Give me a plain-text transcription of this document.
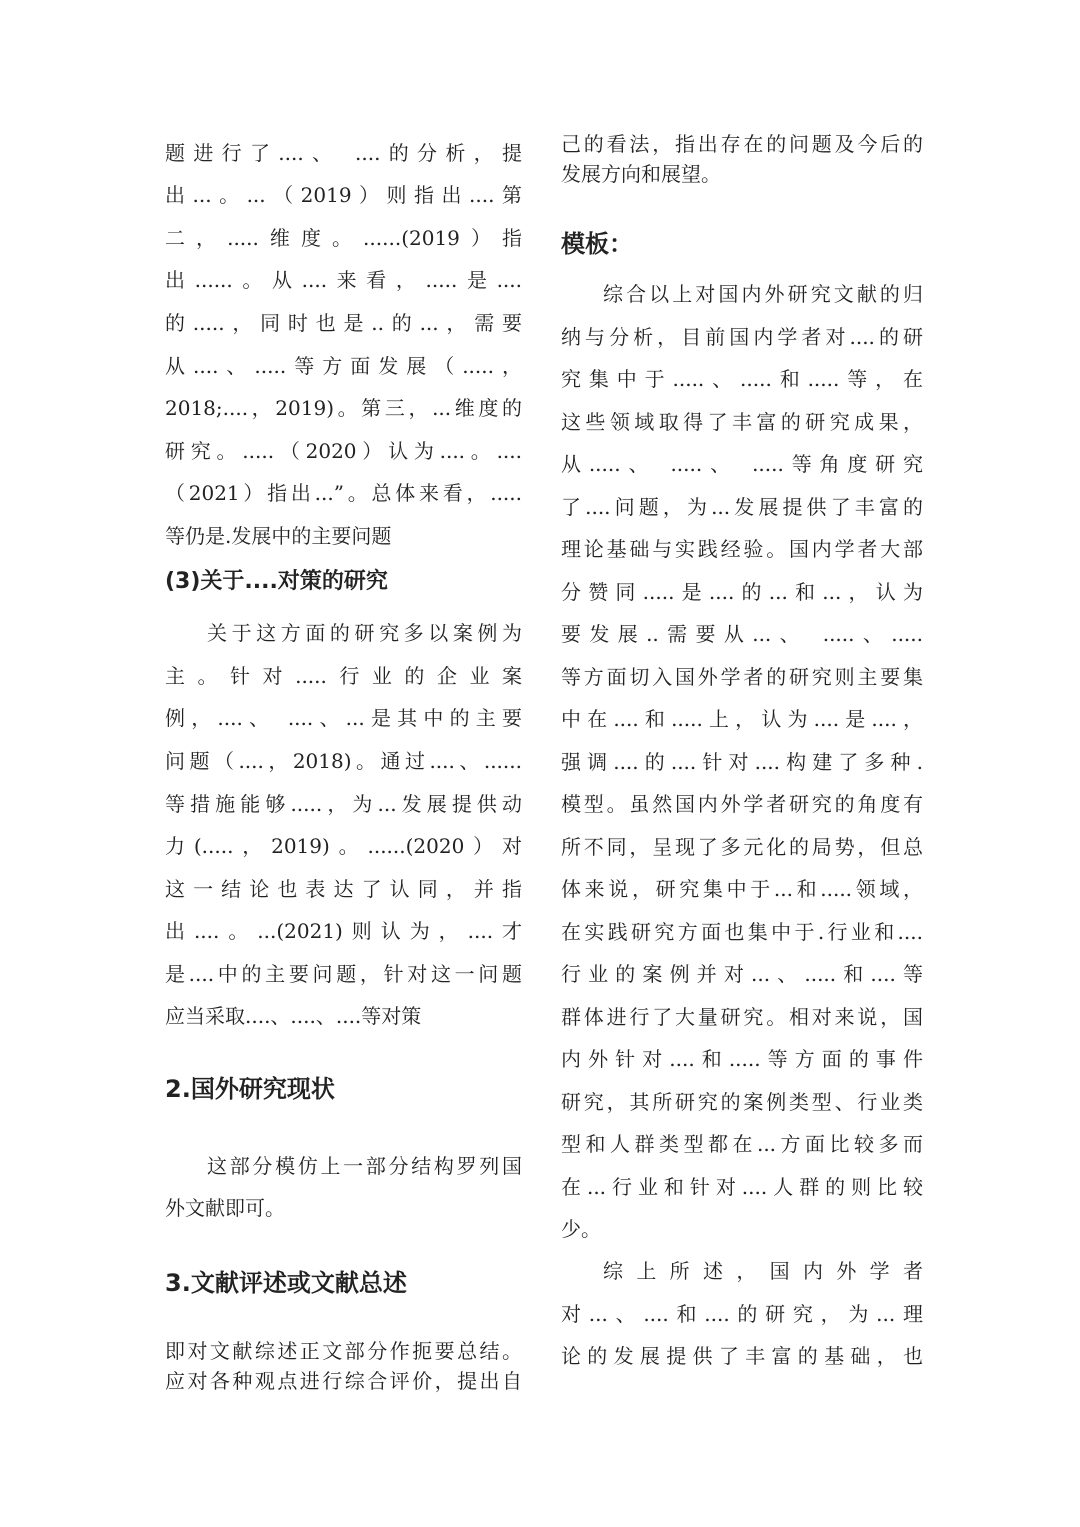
题进行了....、 ....的分析，提
出...。...（2019）则指出....第
二，.....维度。......(2019）指
出......。从....来看，.....是....
的.....，同时也是..的...，需要
从....、.....等方面发展（.....，
2018;....，2019)。第三，...维度的
研究。.....（2020）认为....。....
（2021）指出...”。总体来看，.....
等仍是.发展中的主要问题
(3)关于....对策的研究
关于这方面的研究多以案例为
主。针对.....行业的企业案
例，....、 ....、...是其中的主要
问题（....，2018)。通过....、......
等措施能够.....，为...发展提供动
力(.....，2019)。......(2020）对
这一结论也表达了认同，并指
出....。...(2021)则认为，....才
是....中的主要问题，针对这一问题
应当采取....、....、....等对策
2.国外研究现状
这部分模仿上一部分结构罗列国
外文献即可。
3.文献评述或文献总述
即对文献综述正文部分作扼要总结。
应对各种观点进行综合评价，提出自
己的看法，指出存在的问题及今后的
发展方向和展望。
模板：
综合以上对国内外研究文献的归
纳与分析，目前国内学者对....的研
究集中于.....、.....和.....等，在
这些领域取得了丰富的研究成果，
从.....、 .....、 .....等角度研究
了....问题，为...发展提供了丰富的
理论基础与实践经验。国内学者大部
分赞同.....是....的...和...，认为
要发展..需要从...、 .....、.....
等方面切入国外学者的研究则主要集
中在....和.....上，认为....是....，
强调....的....针对....构建了多种.
模型。虽然国内外学者研究的角度有
所不同，呈现了多元化的局势，但总
体来说，研究集中于...和.....领域，
在实践研究方面也集中于.行业和....
行业的案例并对...、.....和....等
群体进行了大量研究。相对来说，国
内外针对....和.....等方面的事件
研究，其所研究的案例类型、行业类
型和人群类型都在...方面比较多而
在...行业和针对....人群的则比较
少。
综上所述，国内外学者
对...、....和....的研究，为...理
论的发展提供了丰富的基础，也
